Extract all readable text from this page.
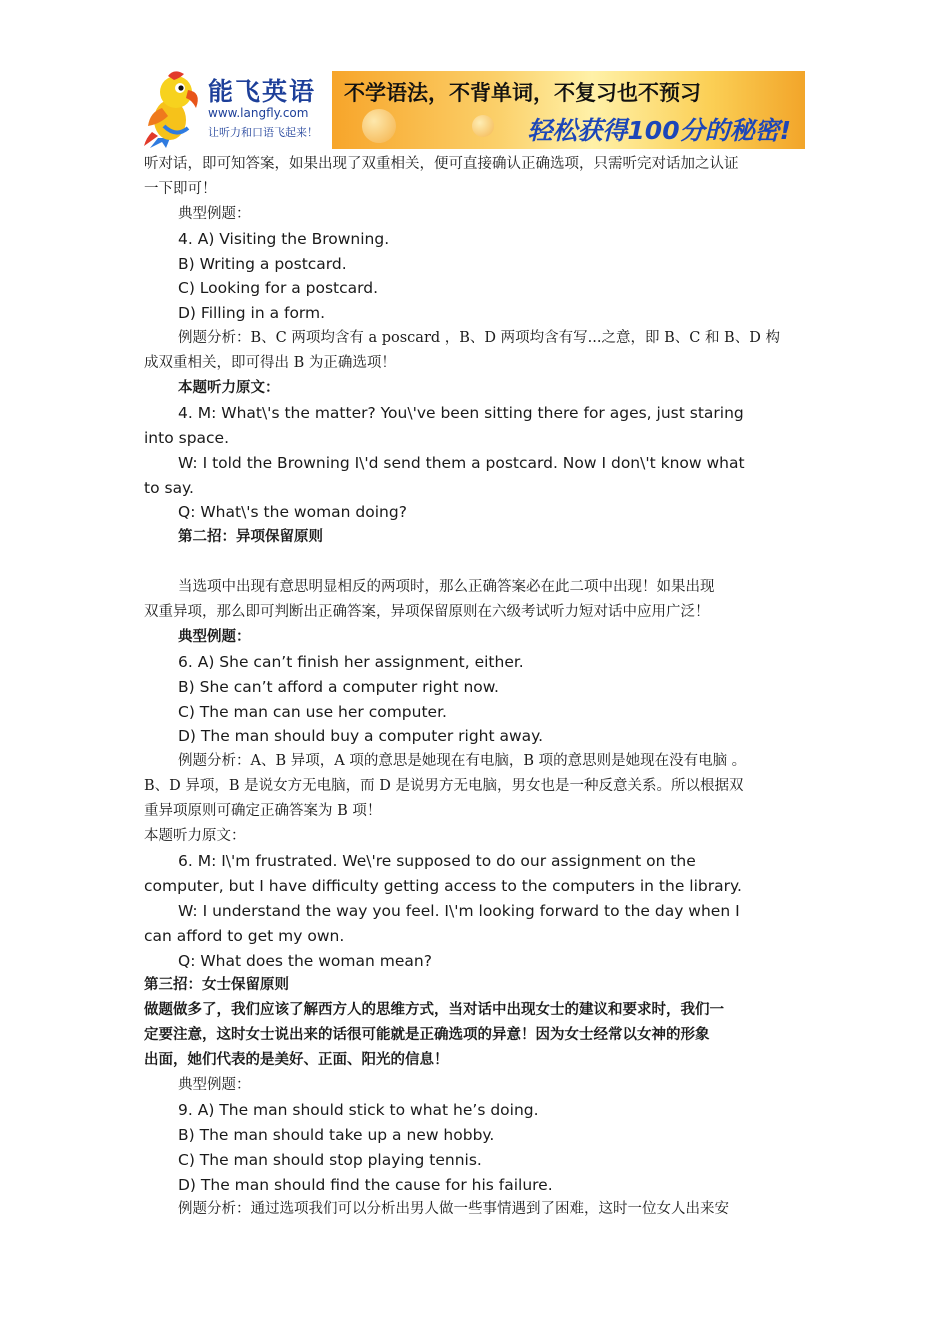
能飞英语
www.langfly.com
让听力和口语飞起来！
不学语法，不背单词，不复习也不预习
轻松获得100分的秘密!
听对话，即可知答案，如果出现了双重相关，便可直接确认正确选项，只需听完对话加之认证
一下即可！
典型例题：
4. A) Visiting the Browning.
B) Writing a postcard.
C) Looking for a postcard.
D) Filling in a form.
例题分析：B、C 两项均含有 a poscard ，B、D 两项均含有写...之意，即 B、C 和 B、D 构
成双重相关，即可得出 B 为正确选项！
本题听力原文：
4. M: What\'s the matter? You\'ve been sitting there for ages, just staring
into space.
W: I told the Browning I\'d send them a postcard. Now I don\'t know what
to say.
Q: What\'s the woman doing?
第二招：异项保留原则
当选项中出现有意思明显相反的两项时，那么正确答案必在此二项中出现！如果出现
双重异项，那么即可判断出正确答案，异项保留原则在六级考试听力短对话中应用广泛！
典型例题：
6. A) She can’t finish her assignment, either.
B) She can’t afford a computer right now.
C) The man can use her computer.
D) The man should buy a computer right away.
例题分析：A、B 异项，A 项的意思是她现在有电脑，B 项的意思则是她现在没有电脑 。
B、D 异项，B 是说女方无电脑，而 D 是说男方无电脑，男女也是一种反意关系。所以根据双
重异项原则可确定正确答案为 B 项！
本题听力原文：
6. M: I\'m frustrated. We\'re supposed to do our assignment on the
computer, but I have difficulty getting access to the computers in the library.
W: I understand the way you feel. I\'m looking forward to the day when I
can afford to get my own.
Q: What does the woman mean?
第三招：女士保留原则
做题做多了，我们应该了解西方人的思维方式，当对话中出现女士的建议和要求时，我们一
定要注意，这时女士说出来的话很可能就是正确选项的异意！因为女士经常以女神的形象
出面，她们代表的是美好、正面、阳光的信息！
典型例题：
9. A) The man should stick to what he’s doing.
B) The man should take up a new hobby.
C) The man should stop playing tennis.
D) The man should find the cause for his failure.
例题分析：通过选项我们可以分析出男人做一些事情遇到了困难，这时一位女人出来安
